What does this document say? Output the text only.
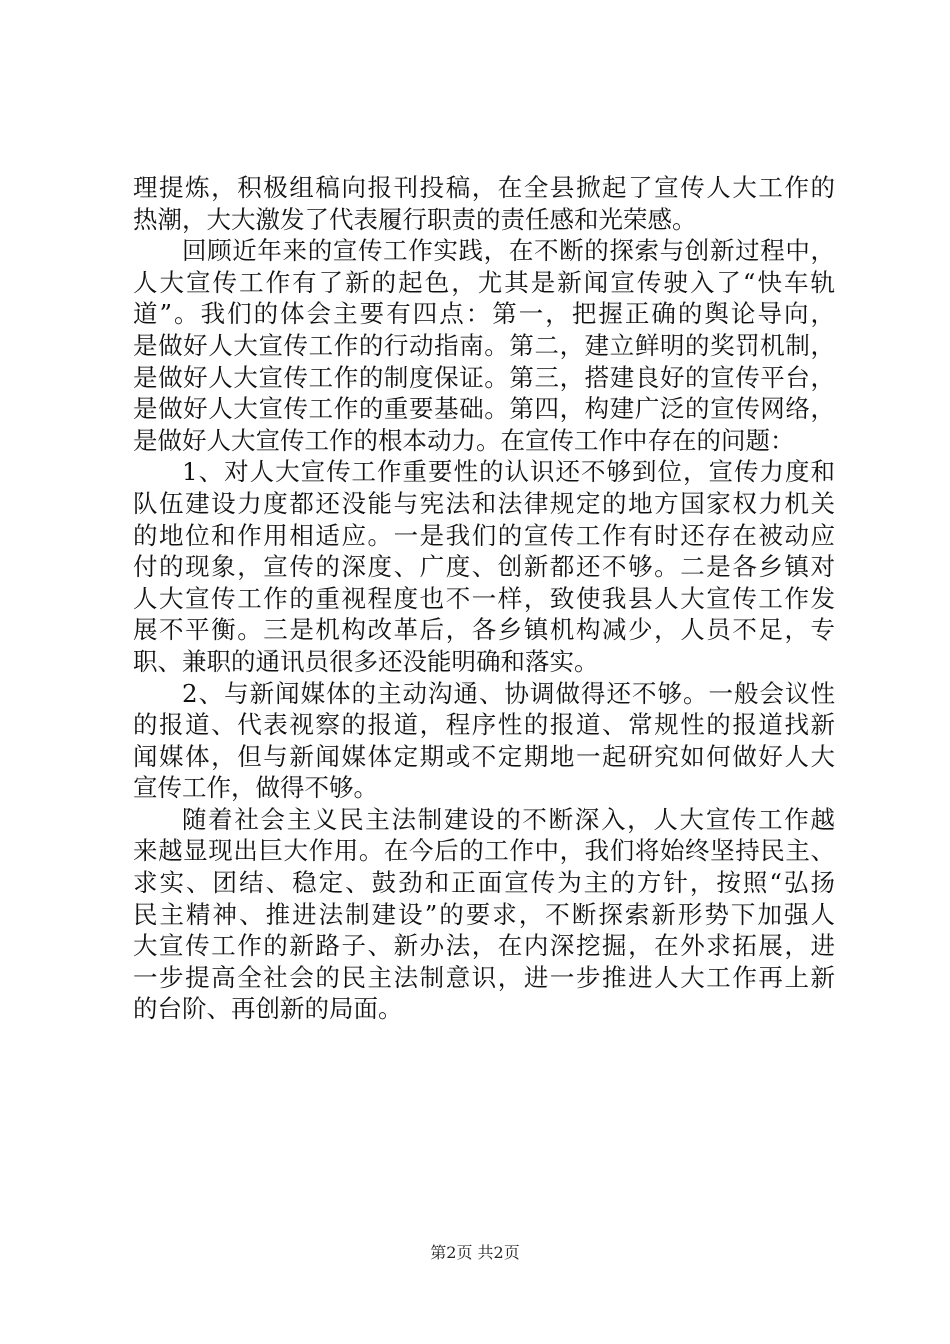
理提炼，积极组稿向报刊投稿，在全县掀起了宣传人大工作的
热潮，大大激发了代表履行职责的责任感和光荣感。
回顾近年来的宣传工作实践，在不断的探索与创新过程中，
人大宣传工作有了新的起色，尤其是新闻宣传驶入了“快车轨
道”。我们的体会主要有四点：第一，把握正确的舆论导向，
是做好人大宣传工作的行动指南。第二，建立鲜明的奖罚机制，
是做好人大宣传工作的制度保证。第三，搭建良好的宣传平台，
是做好人大宣传工作的重要基础。第四，构建广泛的宣传网络，
是做好人大宣传工作的根本动力。在宣传工作中存在的问题：
1、对人大宣传工作重要性的认识还不够到位，宣传力度和
队伍建设力度都还没能与宪法和法律规定的地方国家权力机关
的地位和作用相适应。一是我们的宣传工作有时还存在被动应
付的现象，宣传的深度、广度、创新都还不够。二是各乡镇对
人大宣传工作的重视程度也不一样，致使我县人大宣传工作发
展不平衡。三是机构改革后，各乡镇机构减少，人员不足，专
职、兼职的通讯员很多还没能明确和落实。
2、与新闻媒体的主动沟通、协调做得还不够。一般会议性
的报道、代表视察的报道，程序性的报道、常规性的报道找新
闻媒体，但与新闻媒体定期或不定期地一起研究如何做好人大
宣传工作，做得不够。
随着社会主义民主法制建设的不断深入，人大宣传工作越
来越显现出巨大作用。在今后的工作中，我们将始终坚持民主、
求实、团结、稳定、鼓劲和正面宣传为主的方针，按照“弘扬
民主精神、推进法制建设”的要求，不断探索新形势下加强人
大宣传工作的新路子、新办法，在内深挖掘，在外求拓展，进
一步提高全社会的民主法制意识，进一步推进人大工作再上新
的台阶、再创新的局面。
第2页 共2页
